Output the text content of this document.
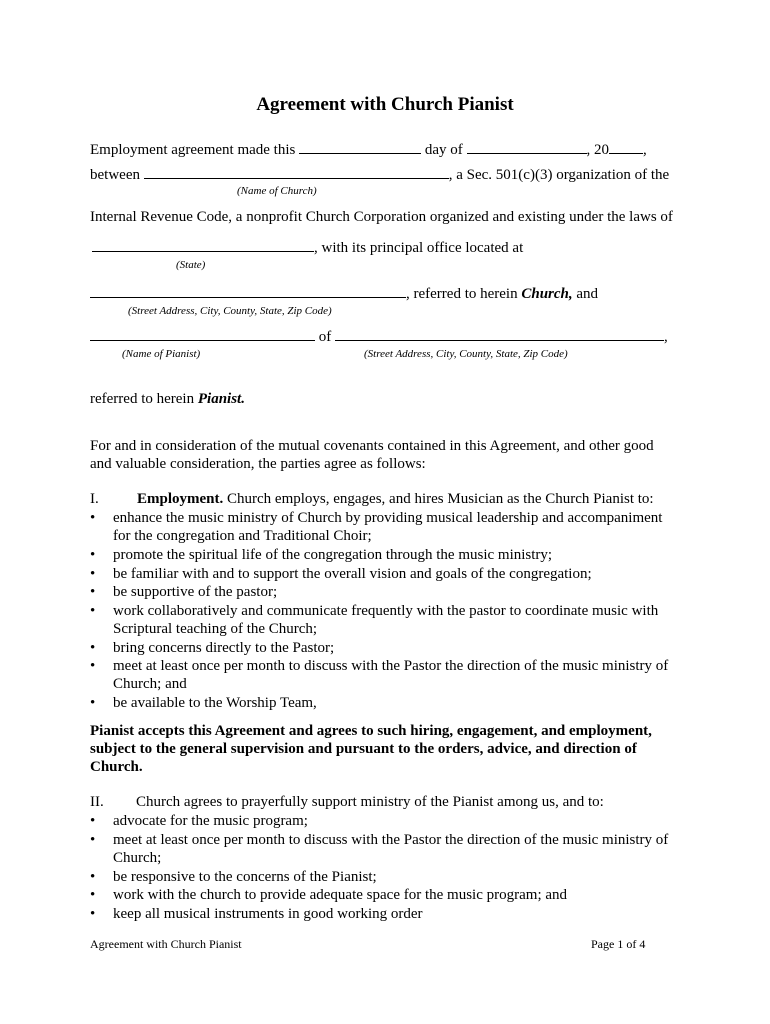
Agreement with Church Pianist
Employment agreement made this	day of	, 20 ,
between	, a Sec. 501(c)(3) organization of the
(Name of Church)
Internal Revenue Code, a nonprofit Church Corporation organized and existing under the laws of
, with its principal office located at
(State)
, referred to herein Church, and
(Street Address, City, County, State, Zip Code)
of	,
(Name of Pianist)	(Street Address, City, County, State, Zip Code)
referred to herein Pianist.
For and in consideration of the mutual covenants contained in this Agreement, and other good
and valuable consideration, the parties agree as follows:
I.	Employment. Church employs, engages, and hires Musician as the Church Pianist to:
• enhance the music ministry of Church by providing musical leadership and accompaniment
for the congregation and Traditional Choir;
• promote the spiritual life of the congregation through the music ministry;
• be familiar with and to support the overall vision and goals of the congregation;
• be supportive of the pastor;
• work collaboratively and communicate frequently with the pastor to coordinate music with
Scriptural teaching of the Church;
• bring concerns directly to the Pastor;
• meet at least once per month to discuss with the Pastor the direction of the music ministry of
Church; and
• be available to the Worship Team,
Pianist accepts this Agreement and agrees to such hiring, engagement, and employment,
subject to the general supervision and pursuant to the orders, advice, and direction of
Church.
II. Church agrees to prayerfully support ministry of the Pianist among us, and to:
• advocate for the music program;
• meet at least once per month to discuss with the Pastor the direction of the music ministry of
Church;
• be responsive to the concerns of the Pianist;
• work with the church to provide adequate space for the music program; and
• keep all musical instruments in good working order
Agreement with Church Pianist	Page 1 of 4
